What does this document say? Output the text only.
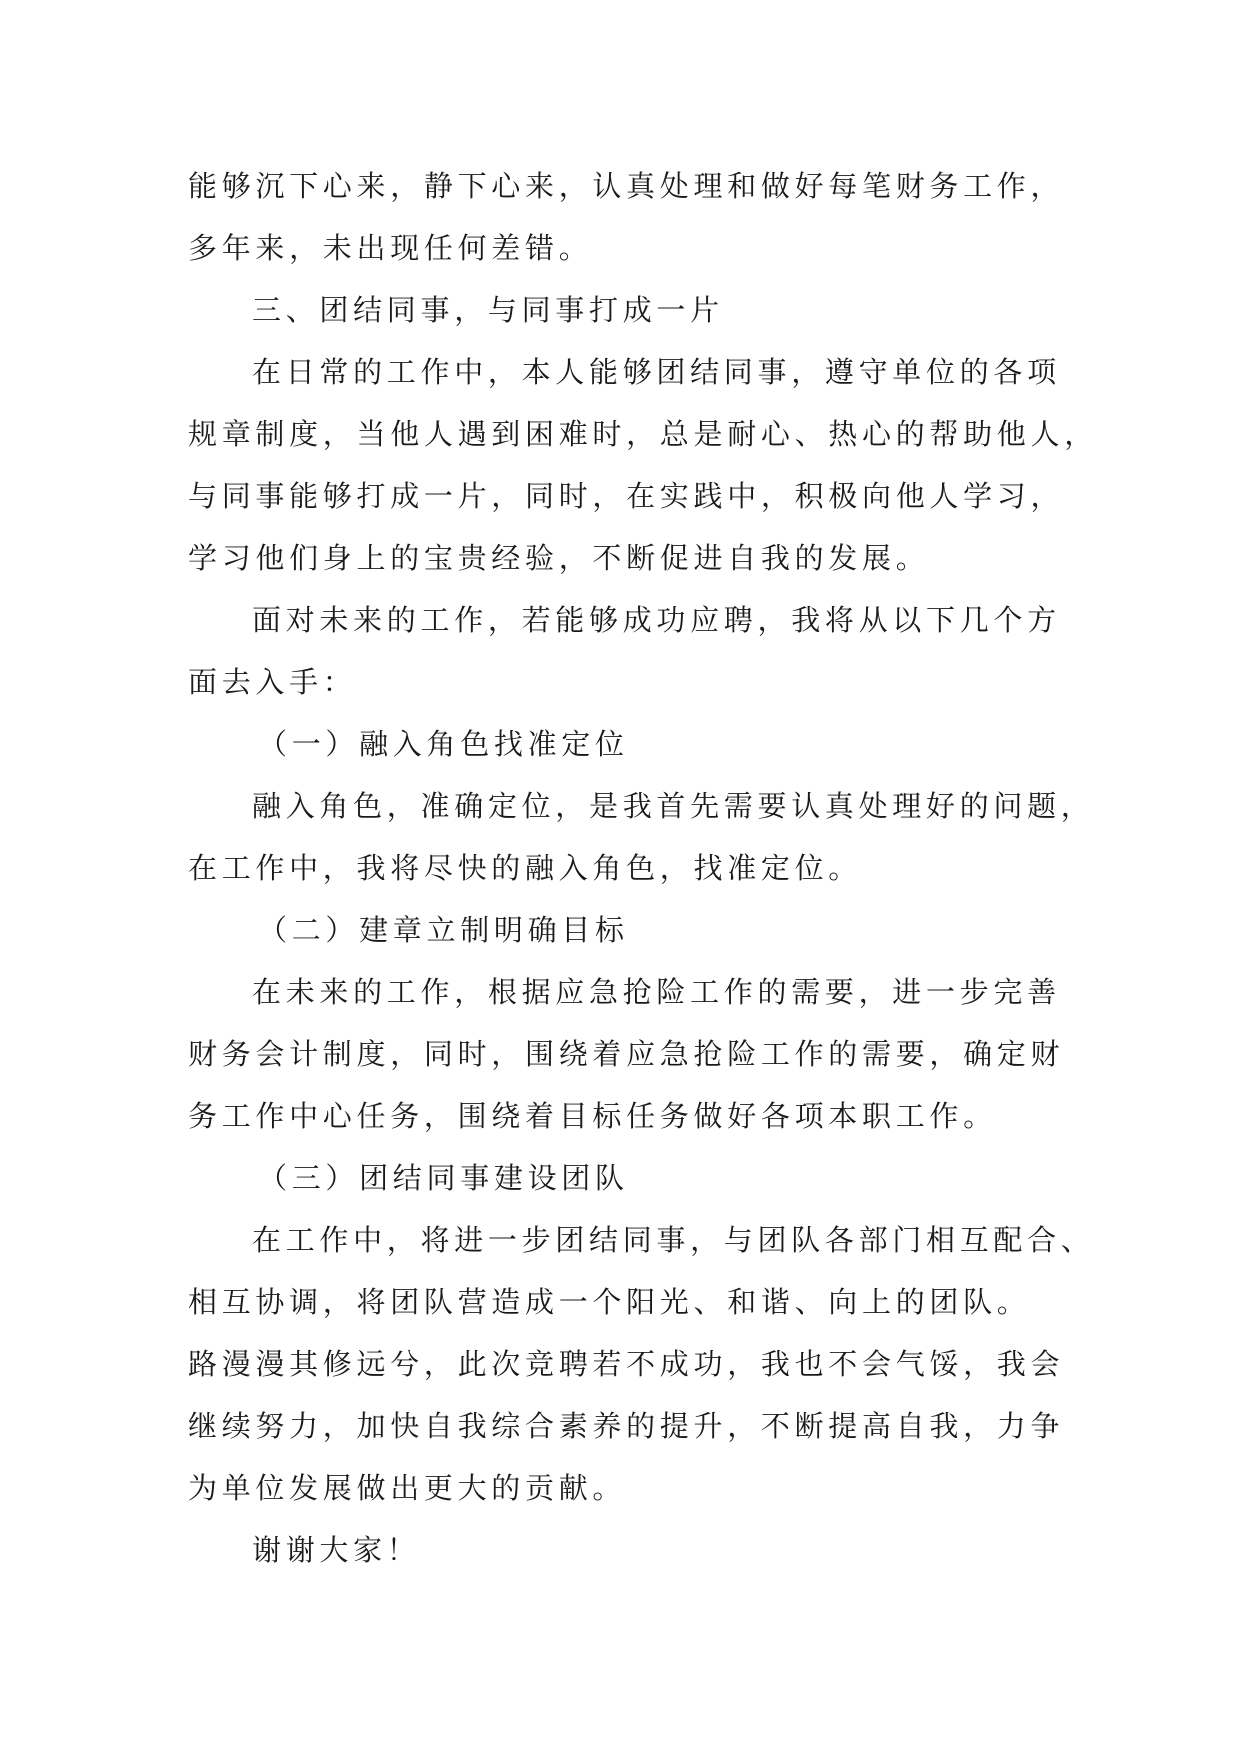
能够沉下心来，静下心来，认真处理和做好每笔财务工作，
多年来，未出现任何差错。
三、团结同事，与同事打成一片
在日常的工作中，本人能够团结同事，遵守单位的各项
规章制度，当他人遇到困难时，总是耐心、热心的帮助他人，
与同事能够打成一片，同时，在实践中，积极向他人学习，
学习他们身上的宝贵经验，不断促进自我的发展。
面对未来的工作，若能够成功应聘，我将从以下几个方
面去入手：
（一）融入角色找准定位
融入角色，准确定位，是我首先需要认真处理好的问题，
在工作中，我将尽快的融入角色，找准定位。
（二）建章立制明确目标
在未来的工作，根据应急抢险工作的需要，进一步完善
财务会计制度，同时，围绕着应急抢险工作的需要，确定财
务工作中心任务，围绕着目标任务做好各项本职工作。
（三）团结同事建设团队
在工作中，将进一步团结同事，与团队各部门相互配合、
相互协调，将团队营造成一个阳光、和谐、向上的团队。
路漫漫其修远兮，此次竞聘若不成功，我也不会气馁，我会
继续努力，加快自我综合素养的提升，不断提高自我，力争
为单位发展做出更大的贡献。
谢谢大家！
